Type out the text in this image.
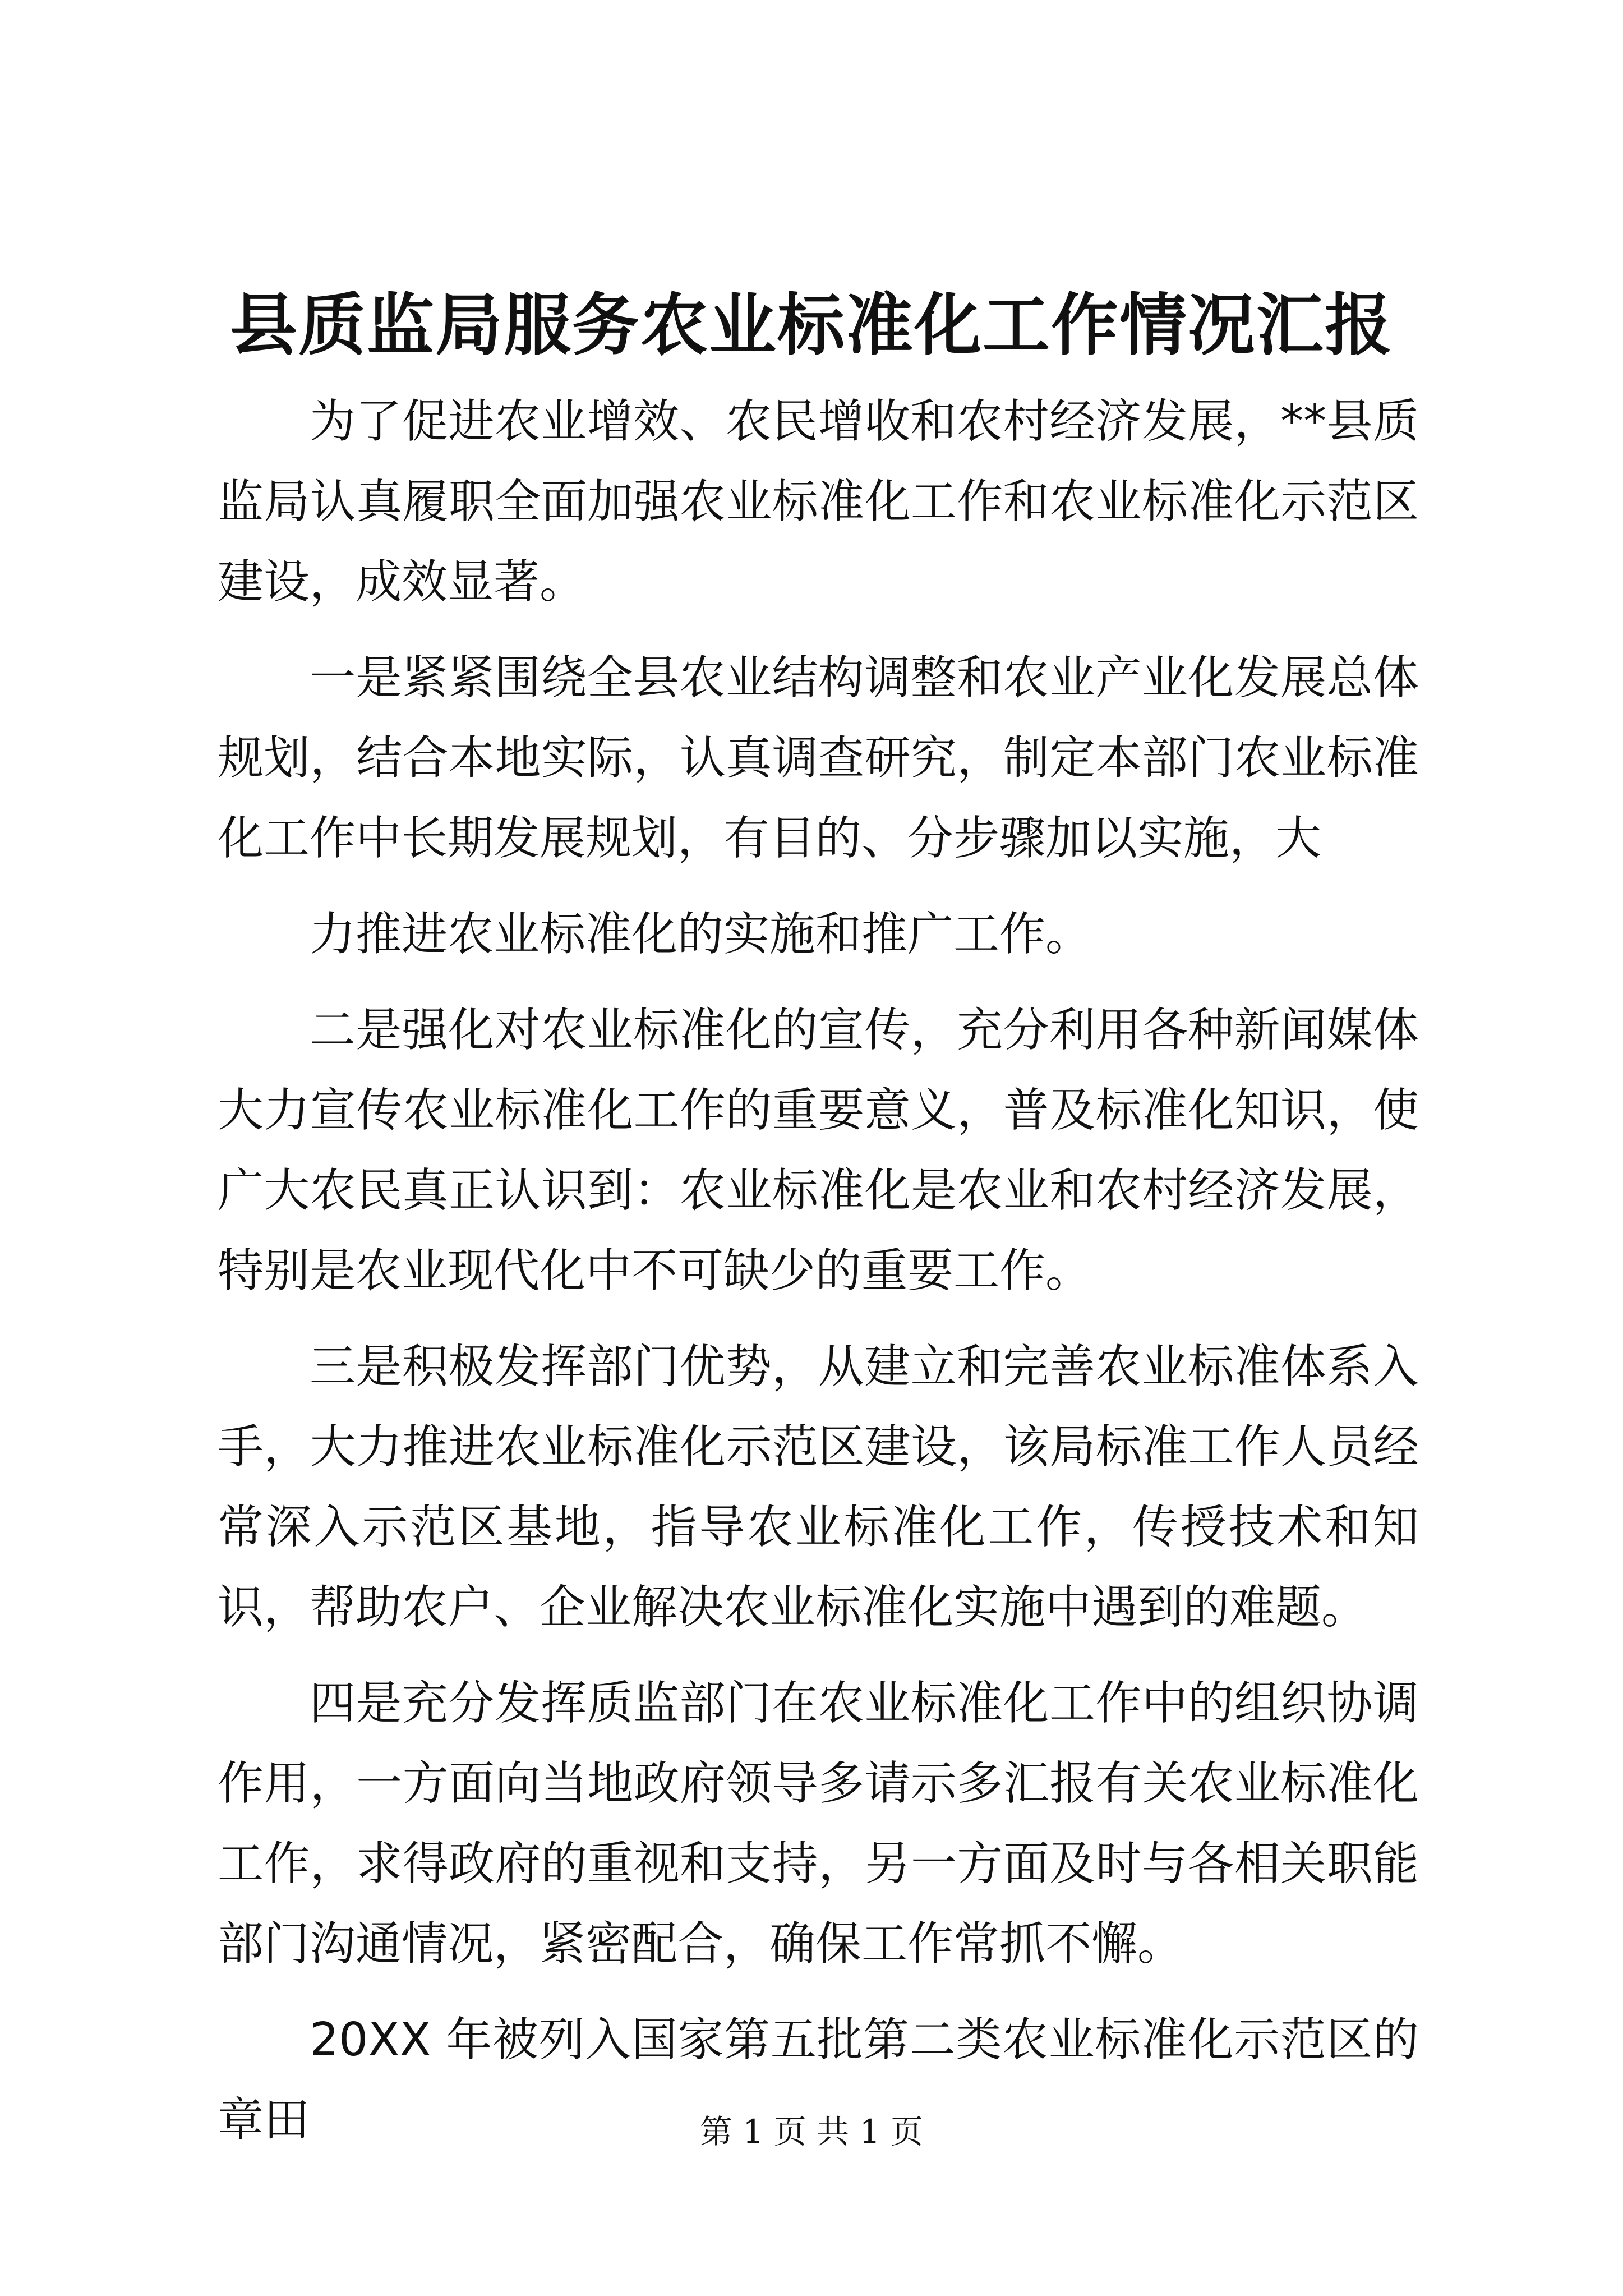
县质监局服务农业标准化工作情况汇报

为了促进农业增效、农民增收和农村经济发展，**县质监局认真履职全面加强农业标准化工作和农业标准化示范区建设，成效显著。

一是紧紧围绕全县农业结构调整和农业产业化发展总体规划，结合本地实际，认真调查研究，制定本部门农业标准化工作中长期发展规划，有目的、分步骤加以实施，大

力推进农业标准化的实施和推广工作。

二是强化对农业标准化的宣传，充分利用各种新闻媒体大力宣传农业标准化工作的重要意义，普及标准化知识，使广大农民真正认识到：农业标准化是农业和农村经济发展，特别是农业现代化中不可缺少的重要工作。

三是积极发挥部门优势，从建立和完善农业标准体系入手，大力推进农业标准化示范区建设，该局标准工作人员经常深入示范区基地，指导农业标准化工作，传授技术和知识，帮助农户、企业解决农业标准化实施中遇到的难题。

四是充分发挥质监部门在农业标准化工作中的组织协调作用，一方面向当地政府领导多请示多汇报有关农业标准化工作，求得政府的重视和支持，另一方面及时与各相关职能部门沟通情况，紧密配合，确保工作常抓不懈。

20XX 年被列入国家第五批第二类农业标准化示范区的章田	第 1 页 共 1 页
